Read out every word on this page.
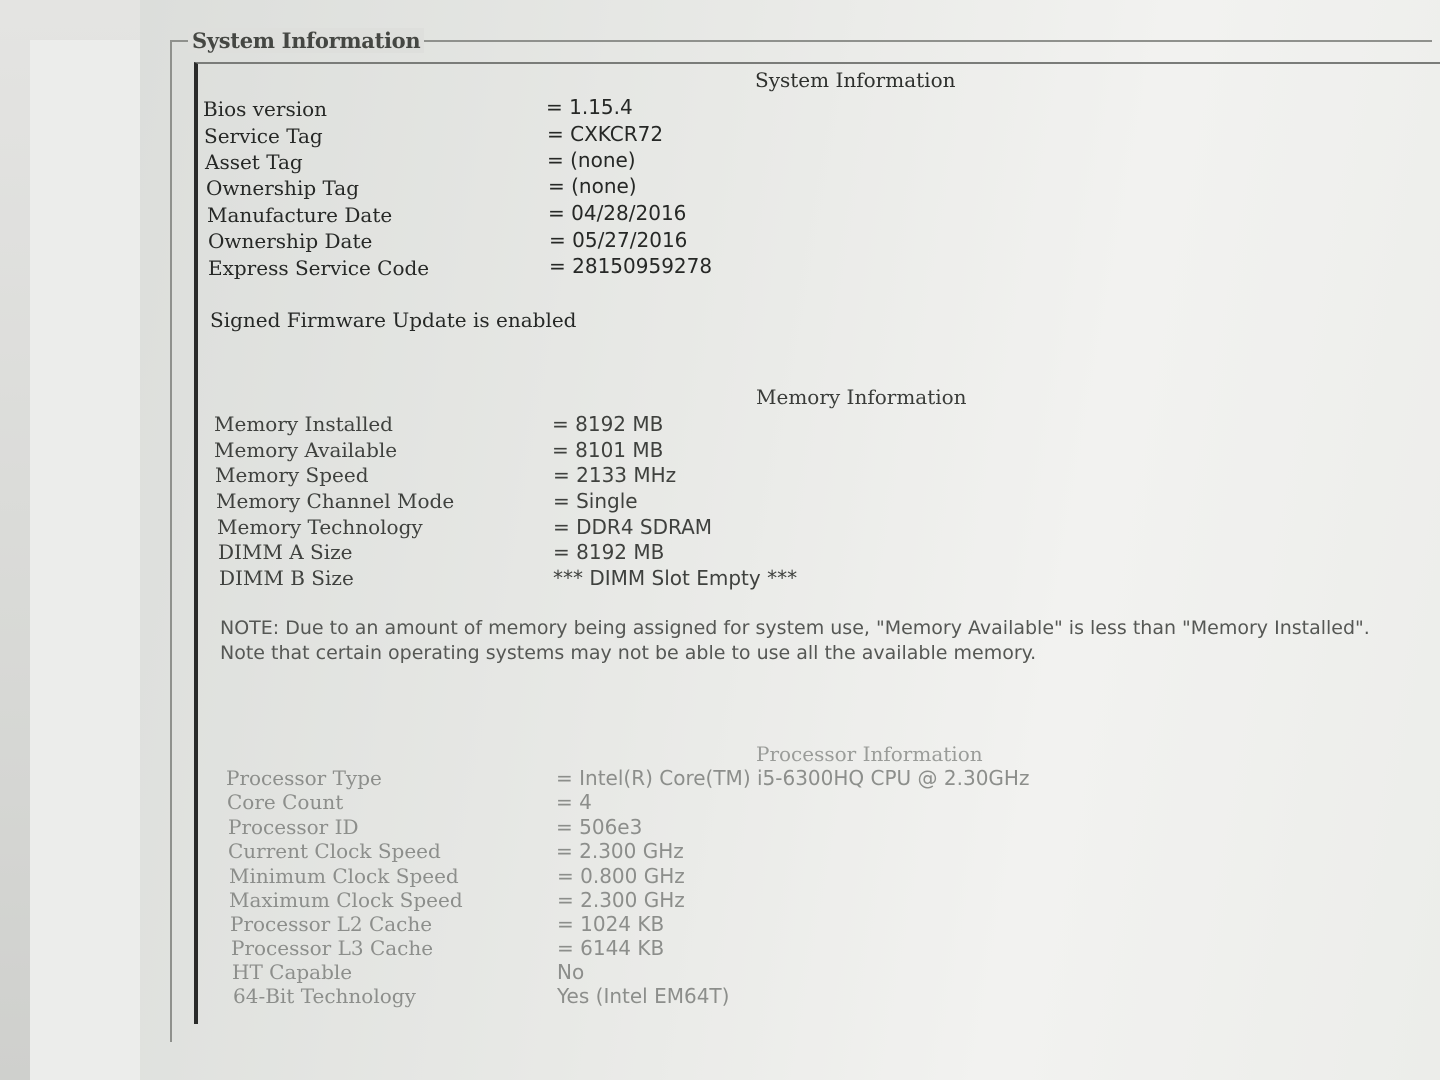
System Information
System Information
Bios version	= 1.15.4
Service Tag	= CXKCR72
Asset Tag	= (none)
Ownership Tag	= (none)
Manufacture Date	= 04/28/2016
Ownership Date	= 05/27/2016
Express Service Code	= 28150959278
Signed Firmware Update is enabled
Memory Information
Memory Installed	= 8192 MB
Memory Available	= 8101 MB
Memory Speed	= 2133 MHz
Memory Channel Mode	= Single
Memory Technology	= DDR4 SDRAM
DIMM A Size	= 8192 MB
DIMM B Size	*** DIMM Slot Empty ***
NOTE: Due to an amount of memory being assigned for system use, "Memory Available" is less than "Memory Installed". Note that certain operating systems may not be able to use all the available memory.
Processor Information
Processor Type	= Intel(R) Core(TM) i5-6300HQ CPU @ 2.30GHz
Core Count	= 4
Processor ID	= 506e3
Current Clock Speed	= 2.300 GHz
Minimum Clock Speed	= 0.800 GHz
Maximum Clock Speed	= 2.300 GHz
Processor L2 Cache	= 1024 KB
Processor L3 Cache	= 6144 KB
HT Capable	No
64-Bit Technology	Yes (Intel EM64T)
